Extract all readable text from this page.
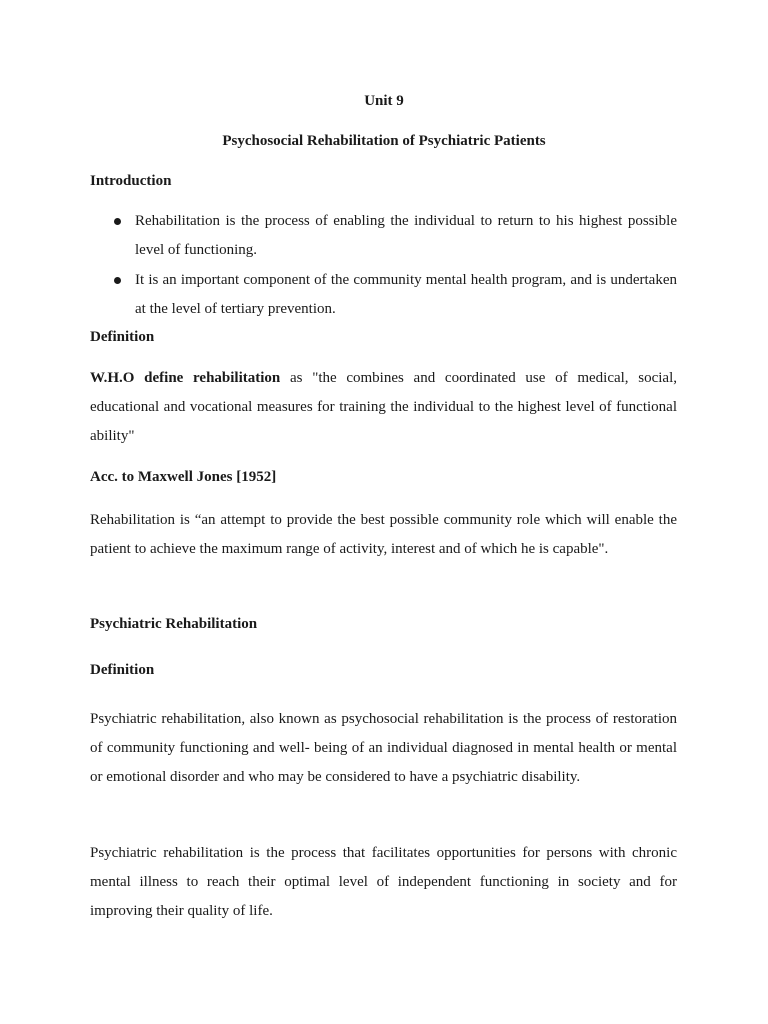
Unit 9
Psychosocial Rehabilitation of Psychiatric Patients
Introduction
Rehabilitation is the process of enabling the individual to return to his highest possible level of functioning.
It is an important component of the community mental health program, and is undertaken at the level of tertiary prevention.
Definition
W.H.O define rehabilitation as "the combines and coordinated use of medical, social, educational and vocational measures for training the individual to the highest level of functional ability"
Acc. to Maxwell Jones [1952]
Rehabilitation is “an attempt to provide the best possible community role which will enable the patient to achieve the maximum range of activity, interest and of which he is capable".
Psychiatric Rehabilitation
Definition
Psychiatric rehabilitation, also known as psychosocial rehabilitation is the process of restoration of community functioning and well- being of an individual diagnosed in mental health or mental or emotional disorder and who may be considered to have a psychiatric disability.
Psychiatric rehabilitation is the process that facilitates opportunities for persons with chronic mental illness to reach their optimal level of independent functioning in society and for improving their quality of life.
